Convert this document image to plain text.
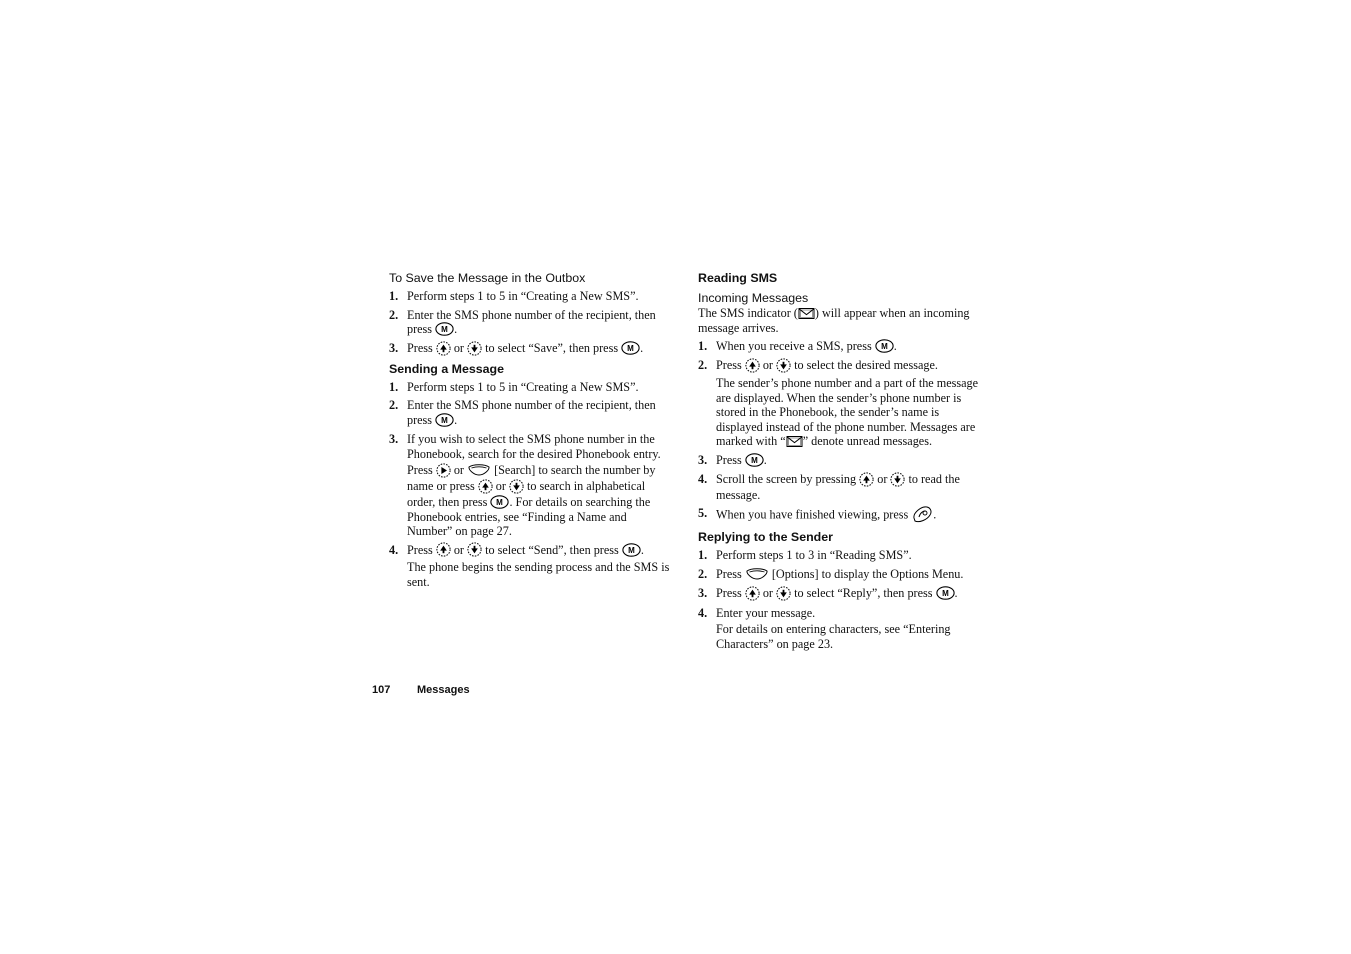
To Save the Message in the Outbox
1. Perform steps 1 to 5 in “Creating a New SMS”.
2. Enter the SMS phone number of the recipient, then press M .
3. Press or to select “Save”, then press M .
Sending a Message
1. Perform steps 1 to 5 in “Creating a New SMS”.
2. Enter the SMS phone number of the recipient, then press M .
3. If you wish to select the SMS phone number in the Phonebook, search for the desired Phonebook entry.
Press or [Search] to search the number by name or press or to search in alphabetical order, then press M . For details on searching the Phonebook entries, see “Finding a Name and Number” on page 27.
4. Press or to select “Send”, then press M .
The phone begins the sending process and the SMS is sent.
Reading SMS
Incoming Messages
The SMS indicator ( ) will appear when an incoming message arrives.
1. When you receive a SMS, press M .
2. Press or to select the desired message.
The sender’s phone number and a part of the message are displayed. When the sender’s phone number is stored in the Phonebook, the sender’s name is displayed instead of the phone number. Messages are marked with “ ” denote unread messages.
3. Press M .
4. Scroll the screen by pressing or to read the message.
5. When you have finished viewing, press .
Replying to the Sender
1. Perform steps 1 to 3 in “Reading SMS”.
2. Press [Options] to display the Options Menu.
3. Press or to select “Reply”, then press M .
4. Enter your message.
For details on entering characters, see “Entering Characters” on page 23.
107 Messages
